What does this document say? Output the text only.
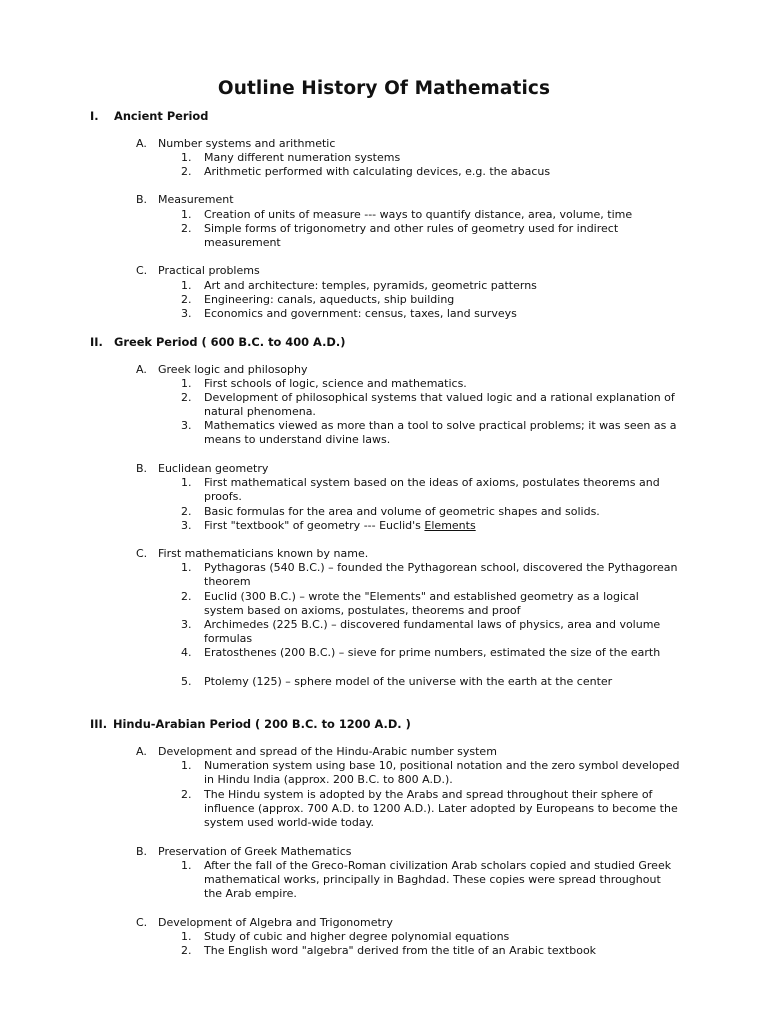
Outline History Of Mathematics
I. Ancient Period
A. Number systems and arithmetic
1. Many different numeration systems
2. Arithmetic performed with calculating devices, e.g. the abacus
B. Measurement
1. Creation of units of measure --- ways to quantify distance, area, volume, time
2. Simple forms of trigonometry and other rules of geometry used for indirect measurement
C. Practical problems
1. Art and architecture: temples, pyramids, geometric patterns
2. Engineering: canals, aqueducts, ship building
3. Economics and government: census, taxes, land surveys
II. Greek Period ( 600 B.C. to 400 A.D.)
A. Greek logic and philosophy
1. First schools of logic, science and mathematics.
2. Development of philosophical systems that valued logic and a rational explanation of natural phenomena.
3. Mathematics viewed as more than a tool to solve practical problems; it was seen as a means to understand divine laws.
B. Euclidean geometry
1. First mathematical system based on the ideas of axioms, postulates theorems and proofs.
2. Basic formulas for the area and volume of geometric shapes and solids.
3. First "textbook" of geometry --- Euclid's Elements
C. First mathematicians known by name.
1. Pythagoras (540 B.C.) – founded the Pythagorean school, discovered the Pythagorean theorem
2. Euclid (300 B.C.) – wrote the "Elements" and established geometry as a logical system based on axioms, postulates, theorems and proof
3. Archimedes (225 B.C.) – discovered fundamental laws of physics, area and volume formulas
4. Eratosthenes (200 B.C.) – sieve for prime numbers, estimated the size of the earth
5. Ptolemy (125) – sphere model of the universe with the earth at the center
III. Hindu-Arabian Period ( 200 B.C. to 1200 A.D. )
A. Development and spread of the Hindu-Arabic number system
1. Numeration system using base 10, positional notation and the zero symbol developed in Hindu India (approx. 200 B.C. to 800 A.D.).
2. The Hindu system is adopted by the Arabs and spread throughout their sphere of influence (approx. 700 A.D. to 1200 A.D.). Later adopted by Europeans to become the system used world-wide today.
B. Preservation of Greek Mathematics
1. After the fall of the Greco-Roman civilization Arab scholars copied and studied Greek mathematical works, principally in Baghdad. These copies were spread throughout the Arab empire.
C. Development of Algebra and Trigonometry
1. Study of cubic and higher degree polynomial equations
2. The English word "algebra" derived from the title of an Arabic textbook
